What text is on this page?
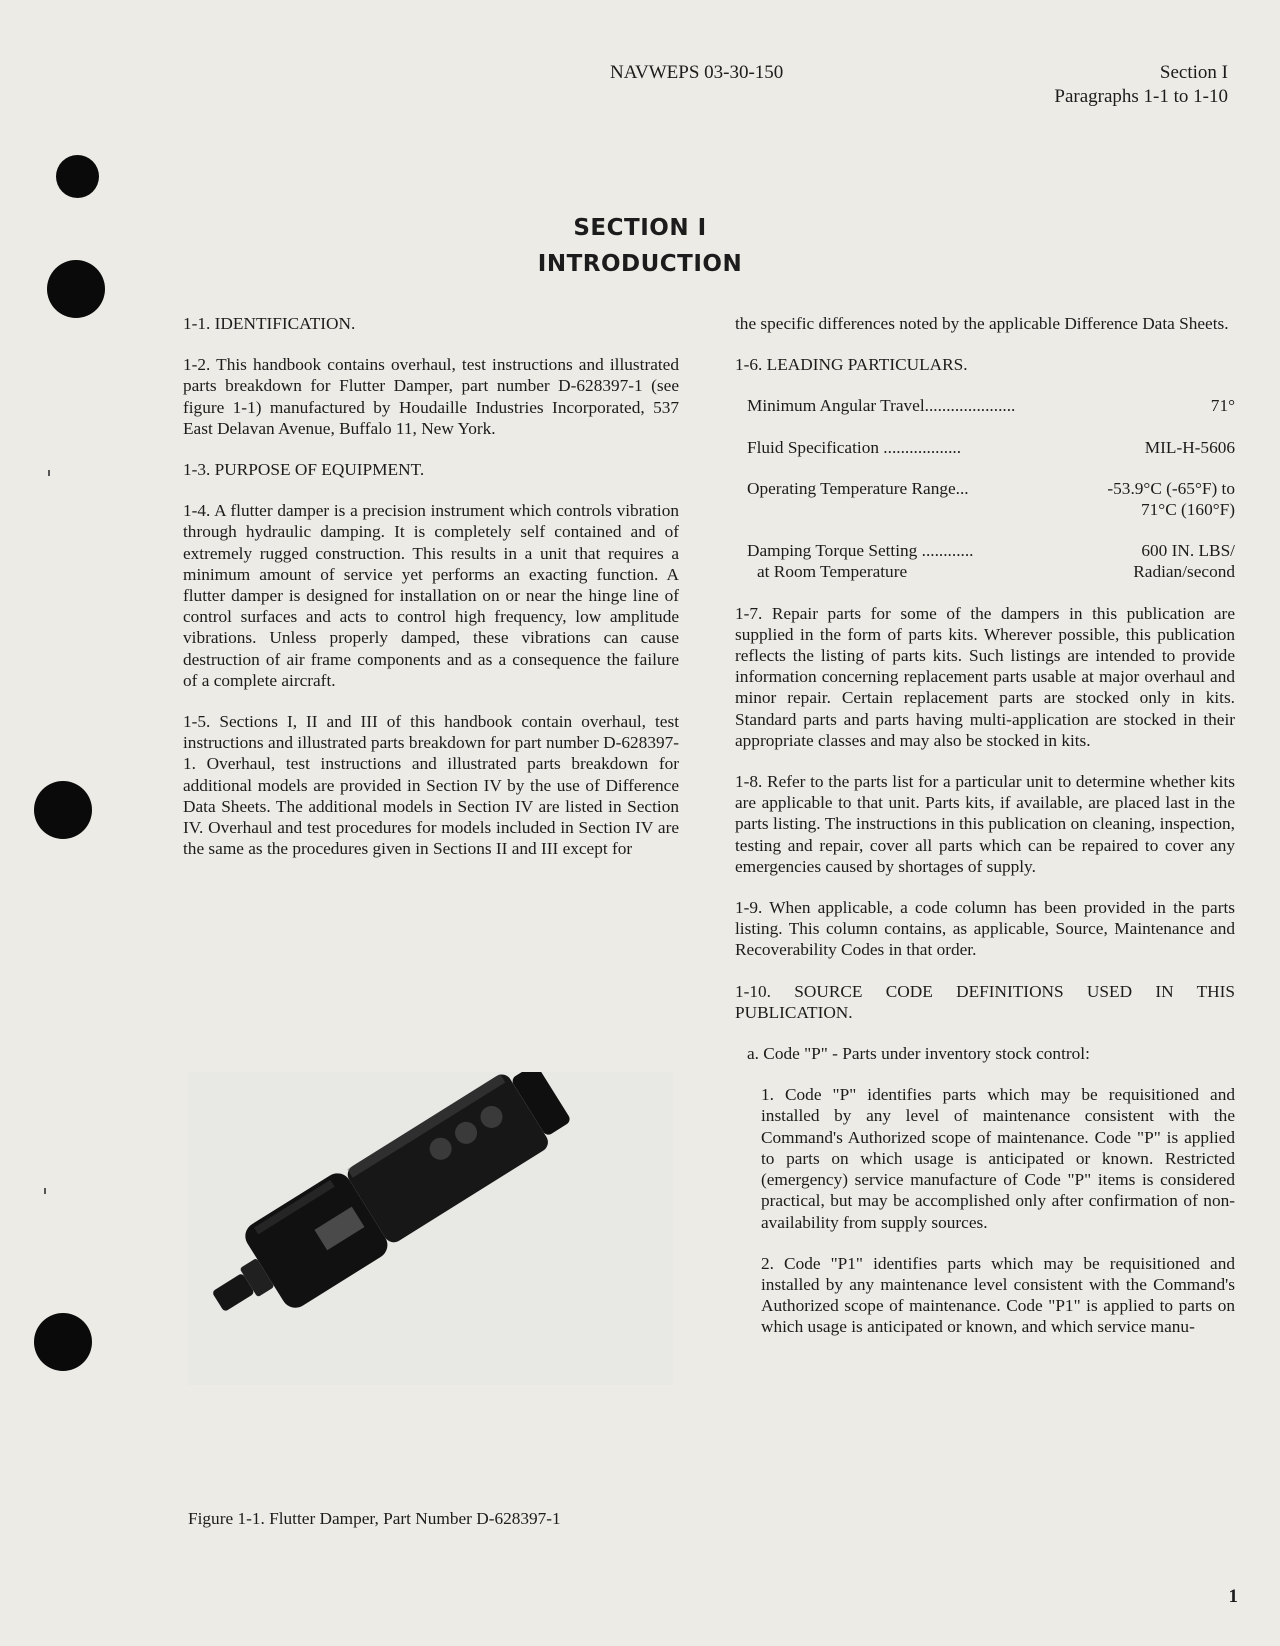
NAVWEPS 03-30-150	Section I
Paragraphs 1-1 to 1-10
SECTION I
INTRODUCTION

1-1. IDENTIFICATION.

1-2. This handbook contains overhaul, test instructions and illustrated parts breakdown for Flutter Damper, part number D-628397-1 (see figure 1-1) manufactured by Houdaille Industries Incorporated, 537 East Delavan Avenue, Buffalo 11, New York.

1-3. PURPOSE OF EQUIPMENT.

1-4. A flutter damper is a precision instrument which controls vibration through hydraulic damping. It is completely self contained and of extremely rugged construction. This results in a unit that requires a minimum amount of service yet performs an exacting function. A flutter damper is designed for installation on or near the hinge line of control surfaces and acts to control high frequency, low amplitude vibrations. Unless properly damped, these vibrations can cause destruction of air frame components and as a consequence the failure of a complete aircraft.

1-5. Sections I, II and III of this handbook contain overhaul, test instructions and illustrated parts breakdown for part number D-628397-1. Overhaul, test instructions and illustrated parts breakdown for additional models are provided in Section IV by the use of Difference Data Sheets. The additional models in Section IV are listed in Section IV. Overhaul and test procedures for models included in Section IV are the same as the procedures given in Sections II and III except for

Figure 1-1. Flutter Damper, Part Number D-628397-1

the specific differences noted by the applicable Difference Data Sheets.

1-6. LEADING PARTICULARS.

Minimum Angular Travel.....................	71°
Fluid Specification ..................	MIL-H-5606
Operating Temperature Range...	-53.9°C (-65°F) to
71°C (160°F)
Damping Torque Setting ............	600 IN. LBS/
at Room Temperature	Radian/second

1-7. Repair parts for some of the dampers in this publication are supplied in the form of parts kits. Wherever possible, this publication reflects the listing of parts kits. Such listings are intended to provide information concerning replacement parts usable at major overhaul and minor repair. Certain replacement parts are stocked only in kits. Standard parts and parts having multi-application are stocked in their appropriate classes and may also be stocked in kits.

1-8. Refer to the parts list for a particular unit to determine whether kits are applicable to that unit. Parts kits, if available, are placed last in the parts listing. The instructions in this publication on cleaning, inspection, testing and repair, cover all parts which can be repaired to cover any emergencies caused by shortages of supply.

1-9. When applicable, a code column has been provided in the parts listing. This column contains, as applicable, Source, Maintenance and Recoverability Codes in that order.

1-10. SOURCE CODE DEFINITIONS USED IN THIS PUBLICATION.

a. Code "P" - Parts under inventory stock control:

1. Code "P" identifies parts which may be requisitioned and installed by any level of maintenance consistent with the Command's Authorized scope of maintenance. Code "P" is applied to parts on which usage is anticipated or known. Restricted (emergency) service manufacture of Code "P" items is considered practical, but may be accomplished only after confirmation of non-availability from supply sources.

2. Code "P1" identifies parts which may be requisitioned and installed by any maintenance level consistent with the Command's Authorized scope of maintenance. Code "P1" is applied to parts on which usage is anticipated or known, and which service manu-

1
